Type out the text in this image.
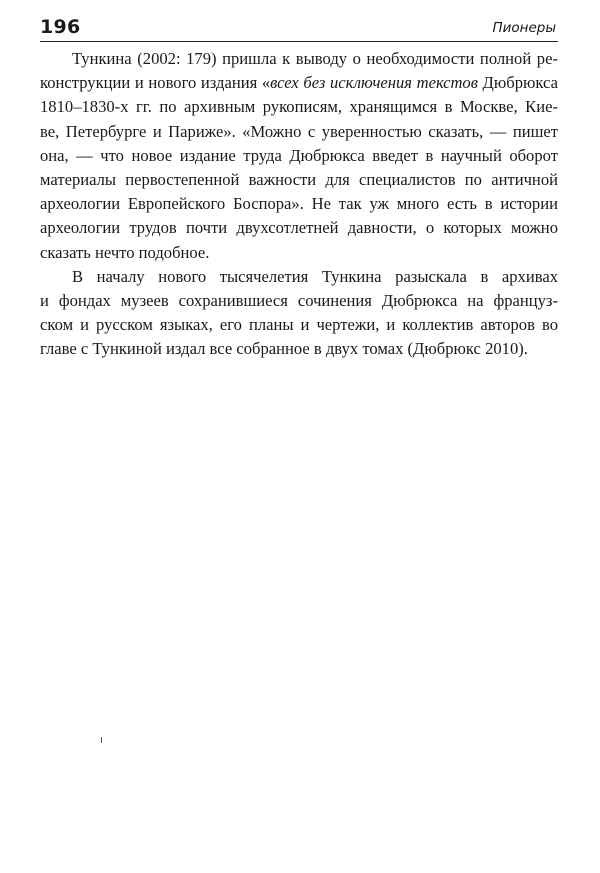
196	Пионеры
Тункина (2002: 179) пришла к выводу о необходимости полной ре-
конструкции и нового издания «всех без исключения текстов Дюбрюкса
1810–1830-х гг. по архивным рукописям, хранящимся в Москве, Кие-
ве, Петербурге и Париже». «Можно с уверенностью сказать, — пишет
она, — что новое издание труда Дюбрюкса введет в научный оборот
материалы первостепенной важности для специалистов по античной
археологии Европейского Боспора». Не так уж много есть в истории
археологии трудов почти двухсотлетней давности, о которых можно
сказать нечто подобное.
В началу нового тысячелетия Тункина разыскала в архивах
и фондах музеев сохранившиеся сочинения Дюбрюкса на француз-
ском и русском языках, его планы и чертежи, и коллектив авторов во
главе с Тункиной издал все собранное в двух томах (Дюбрюкс 2010).
